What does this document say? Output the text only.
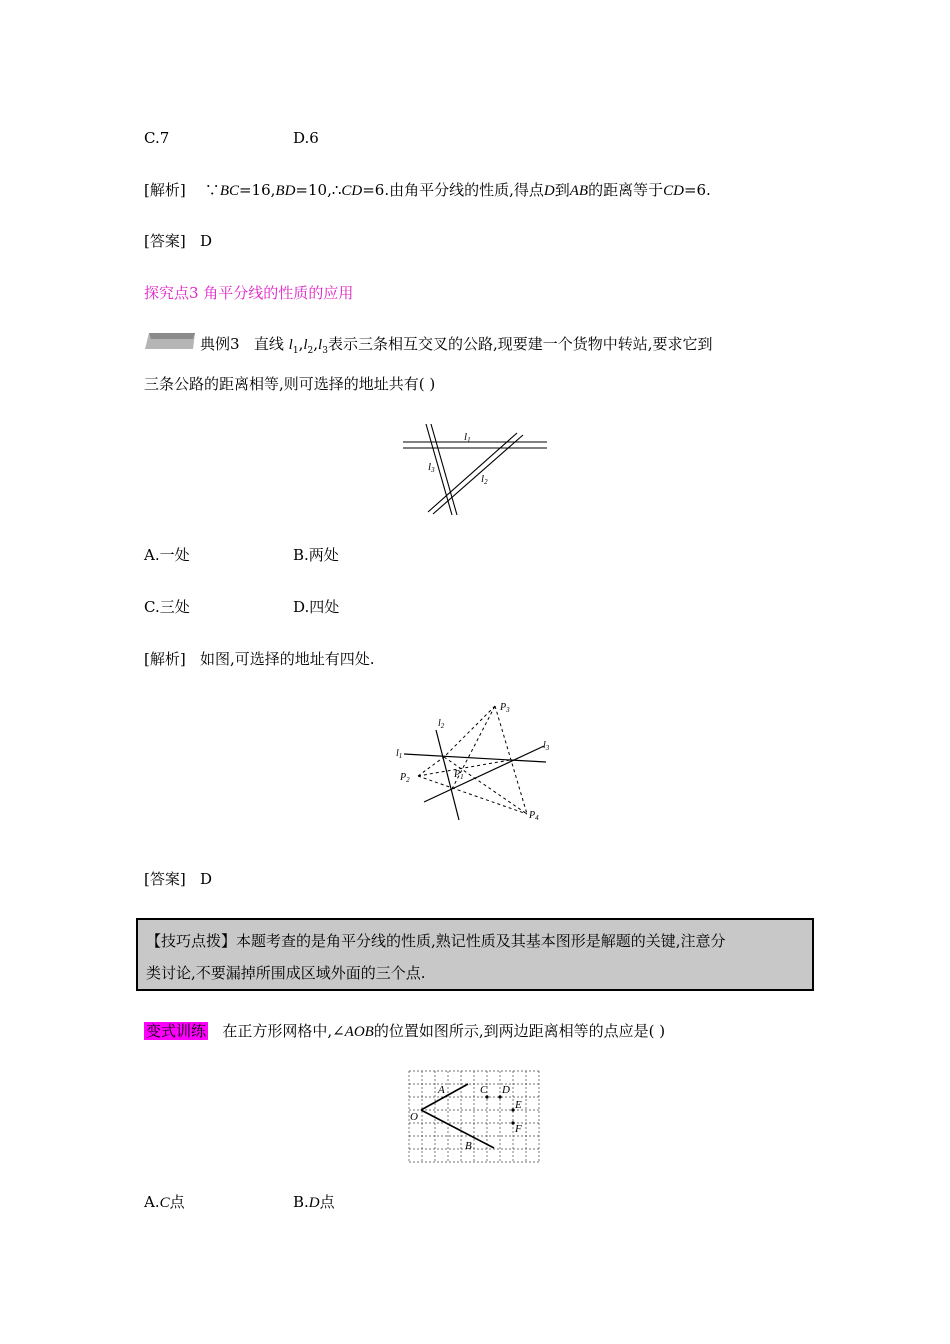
C.7	D.6
[解析] ∵BC=16,BD=10,∴CD=6.由角平分线的性质,得点D到AB的距离等于CD=6.
[答案] D
探究点3 角平分线的性质的应用
典例3 直线 $l_1,l_2,l_3$表示三条相互交叉的公路,现要建一个货物中转站,要求它到
三条公路的距离相等,则可选择的地址共有( )
l1
l3
l2
A.一处	B.两处
C.三处	D.四处
[解析] 如图,可选择的地址有四处.
$l_2$
$l_1$
$l_3$
$P_3$
$P_2$	$P_1$
$P_4$
[答案] D

【技巧点拨】本题考查的是角平分线的性质,熟记性质及其基本图形是解题的关键,注意分

类讨论,不要漏掉所围成区域外面的三个点.

变式训练 在正方形网格中,∠AOB的位置如图所示,到两边距离相等的点应是( )
O
A
B
C D
E
F
A.C点	B.D点
